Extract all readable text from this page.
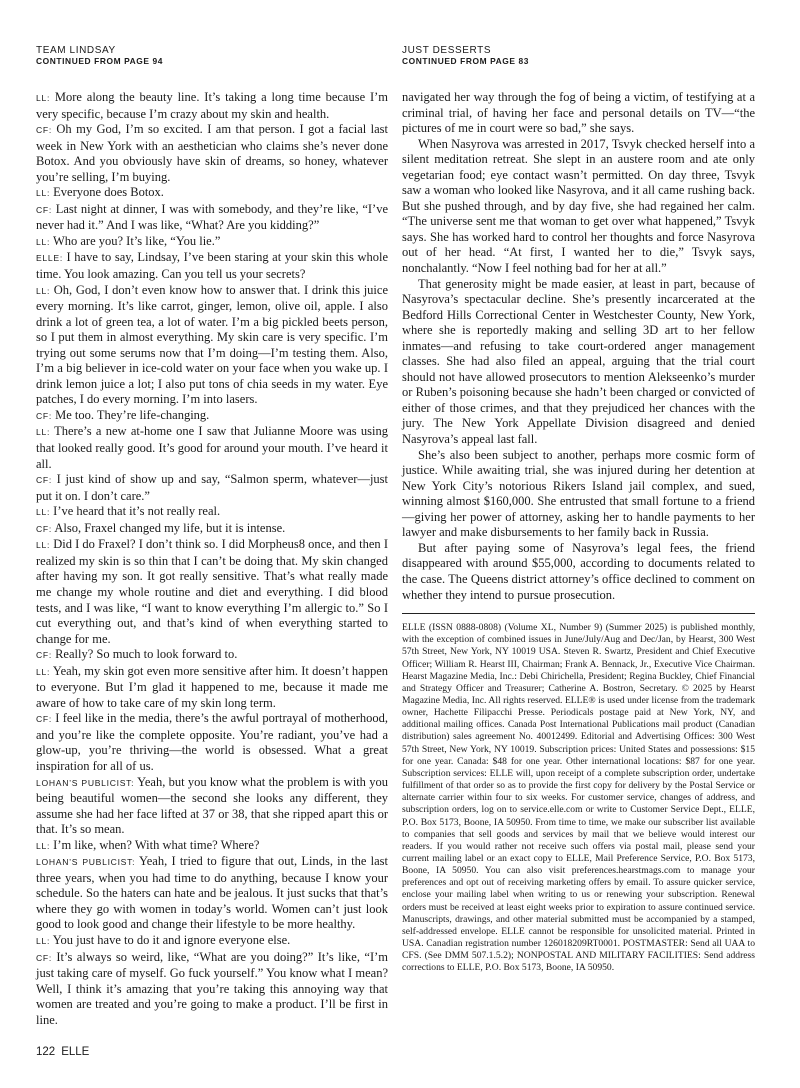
TEAM LINDSAY
CONTINUED FROM PAGE 94

LL: More along the beauty line. It’s taking a long time because I’m very specific, because I’m crazy about my skin and health.

CF: Oh my God, I’m so excited. I am that person. I got a facial last week in New York with an aesthetician who claims she’s never done Botox. And you obviously have skin of dreams, so honey, whatever you’re selling, I’m buying.

LL: Everyone does Botox.

CF: Last night at dinner, I was with somebody, and they’re like, “I’ve never had it.” And I was like, “What? Are you kidding?”

LL: Who are you? It’s like, “You lie.”

ELLE: I have to say, Lindsay, I’ve been staring at your skin this whole time. You look amazing. Can you tell us your secrets?

LL: Oh, God, I don’t even know how to answer that. I drink this juice every morning. It’s like carrot, ginger, lemon, olive oil, apple. I also drink a lot of green tea, a lot of water. I’m a big pickled beets person, so I put them in almost everything. My skin care is very specific. I’m trying out some serums now that I’m doing—I’m testing them. Also, I’m a big believer in ice-cold water on your face when you wake up. I drink lemon juice a lot; I also put tons of chia seeds in my water. Eye patches, I do every morning. I’m into lasers.

CF: Me too. They’re life-changing.

LL: There’s a new at-home one I saw that Julianne Moore was using that looked really good. It’s good for around your mouth. I’ve heard it all.

CF: I just kind of show up and say, “Salmon sperm, whatever—just put it on. I don’t care.”

LL: I’ve heard that it’s not really real.

CF: Also, Fraxel changed my life, but it is intense.

LL: Did I do Fraxel? I don’t think so. I did Morpheus8 once, and then I realized my skin is so thin that I can’t be doing that. My skin changed after having my son. It got really sensitive. That’s what really made me change my whole routine and diet and everything. I did blood tests, and I was like, “I want to know everything I’m allergic to.” So I cut everything out, and that’s kind of when everything started to change for me.

CF: Really? So much to look forward to.

LL: Yeah, my skin got even more sensitive after him. It doesn’t happen to everyone. But I’m glad it happened to me, because it made me aware of how to take care of my skin long term.

CF: I feel like in the media, there’s the awful portrayal of motherhood, and you’re like the complete opposite. You’re radiant, you’ve had a glow-up, you’re thriving—the world is obsessed. What a great inspiration for all of us.

LOHAN’S PUBLICIST: Yeah, but you know what the problem is with you being beautiful women—the second she looks any different, they assume she had her face lifted at 37 or 38, that she ripped apart this or that. It’s so mean.

LL: I’m like, when? With what time? Where?

LOHAN’S PUBLICIST: Yeah, I tried to figure that out, Linds, in the last three years, when you had time to do anything, because I know your schedule. So the haters can hate and be jealous. It just sucks that that’s where they go with women in today’s world. Women can’t just look good to look good and change their lifestyle to be more healthy.

LL: You just have to do it and ignore everyone else.

CF: It’s always so weird, like, “What are you doing?” It’s like, “I’m just taking care of myself. Go fuck yourself.” You know what I mean? Well, I think it’s amazing that you’re taking this annoying way that women are treated and you’re going to make a product. I’ll be first in line.

JUST DESSERTS
CONTINUED FROM PAGE 83

navigated her way through the fog of being a victim, of testifying at a criminal trial, of having her face and personal details on TV—“the pictures of me in court were so bad,” she says.

When Nasyrova was arrested in 2017, Tsvyk checked herself into a silent meditation retreat. She slept in an austere room and ate only vegetarian food; eye contact wasn’t permitted. On day three, Tsvyk saw a woman who looked like Nasyrova, and it all came rushing back. But she pushed through, and by day five, she had regained her calm. “The universe sent me that woman to get over what happened,” Tsvyk says. She has worked hard to control her thoughts and force Nasyrova out of her head. “At first, I wanted her to die,” Tsvyk says, nonchalantly. “Now I feel nothing bad for her at all.”

That generosity might be made easier, at least in part, because of Nasyrova’s spectacular decline. She’s presently incarcerated at the Bedford Hills Correctional Center in Westchester County, New York, where she is reportedly making and selling 3D art to her fellow inmates—and refusing to take court-ordered anger management classes. She had also filed an appeal, arguing that the trial court should not have allowed prosecutors to mention Alekseenko’s murder or Ruben’s poisoning because she hadn’t been charged or convicted of either of those crimes, and that they prejudiced her chances with the jury. The New York Appellate Division disagreed and denied Nasyrova’s appeal last fall.

She’s also been subject to another, perhaps more cosmic form of justice. While awaiting trial, she was injured during her detention at New York City’s notorious Rikers Island jail complex, and sued, winning almost $160,000. She entrusted that small fortune to a friend—giving her power of attorney, asking her to handle payments to her lawyer and make disbursements to her family back in Russia.

But after paying some of Nasyrova’s legal fees, the friend disappeared with around $55,000, according to documents related to the case. The Queens district attorney’s office declined to comment on whether they intend to pursue prosecution.

ELLE (ISSN 0888-0808) (Volume XL, Number 9) (Summer 2025) is published monthly, with the exception of combined issues in June/July/Aug and Dec/Jan, by Hearst, 300 West 57th Street, New York, NY 10019 USA. Steven R. Swartz, President and Chief Executive Officer; William R. Hearst III, Chairman; Frank A. Bennack, Jr., Executive Vice Chairman. Hearst Magazine Media, Inc.: Debi Chirichella, President; Regina Buckley, Chief Financial and Strategy Officer and Treasurer; Catherine A. Bostron, Secretary. © 2025 by Hearst Magazine Media, Inc. All rights reserved. ELLE® is used under license from the trademark owner, Hachette Filipacchi Presse. Periodicals postage paid at New York, NY, and additional mailing offices. Canada Post International Publications mail product (Canadian distribution) sales agreement No. 40012499. Editorial and Advertising Offices: 300 West 57th Street, New York, NY 10019. Subscription prices: United States and possessions: $15 for one year. Canada: $48 for one year. Other international locations: $87 for one year. Subscription services: ELLE will, upon receipt of a complete subscription order, undertake fulfillment of that order so as to provide the first copy for delivery by the Postal Service or alternate carrier within four to six weeks. For customer service, changes of address, and subscription orders, log on to service.elle.com or write to Customer Service Dept., ELLE, P.O. Box 5173, Boone, IA 50950. From time to time, we make our subscriber list available to companies that sell goods and services by mail that we believe would interest our readers. If you would rather not receive such offers via postal mail, please send your current mailing label or an exact copy to ELLE, Mail Preference Service, P.O. Box 5173, Boone, IA 50950. You can also visit preferences.hearstmags.com to manage your preferences and opt out of receiving marketing offers by email. To assure quicker service, enclose your mailing label when writing to us or renewing your subscription. Renewal orders must be received at least eight weeks prior to expiration to assure continued service. Manuscripts, drawings, and other material submitted must be accompanied by a stamped, self-addressed envelope. ELLE cannot be responsible for unsolicited material. Printed in USA. Canadian registration number 126018209RT0001. POSTMASTER: Send all UAA to CFS. (See DMM 507.1.5.2); NONPOSTAL AND MILITARY FACILITIES: Send address corrections to ELLE, P.O. Box 5173, Boone, IA 50950.
122 ELLE
